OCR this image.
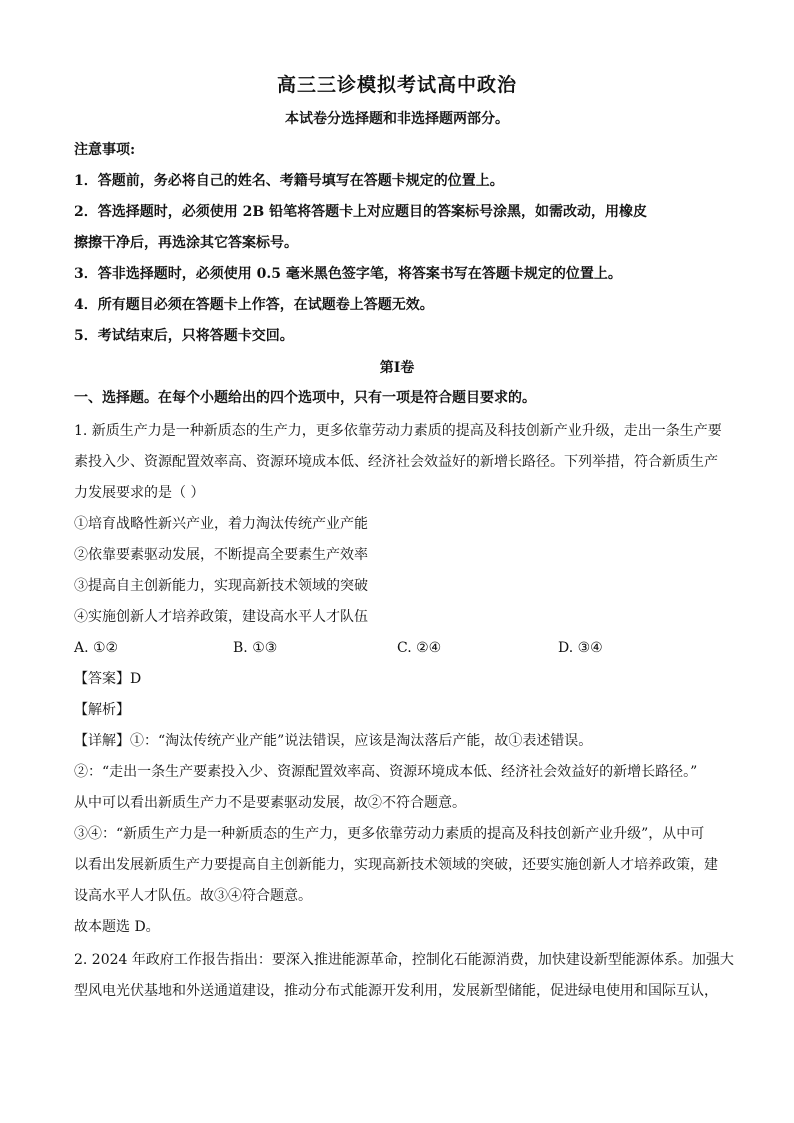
高三三诊模拟考试高中政治
本试卷分选择题和非选择题两部分。
注意事项:
1．答题前，务必将自己的姓名、考籍号填写在答题卡规定的位置上。
2．答选择题时，必须使用 2B 铅笔将答题卡上对应题目的答案标号涂黑，如需改动，用橡皮
擦擦干净后，再选涂其它答案标号。
3．答非选择题时，必须使用 0.5 毫米黑色签字笔，将答案书写在答题卡规定的位置上。
4．所有题目必须在答题卡上作答，在试题卷上答题无效。
5．考试结束后，只将答题卡交回。
第Ⅰ卷
一、选择题。在每个小题给出的四个选项中，只有一项是符合题目要求的。
1. 新质生产力是一种新质态的生产力，更多依靠劳动力素质的提高及科技创新产业升级，走出一条生产要
素投入少、资源配置效率高、资源环境成本低、经济社会效益好的新增长路径。下列举措，符合新质生产
力发展要求的是（ ）
①培育战略性新兴产业，着力淘汰传统产业产能
②依靠要素驱动发展，不断提高全要素生产效率
③提高自主创新能力，实现高新技术领域的突破
④实施创新人才培养政策，建设高水平人才队伍
A. ①②	B. ①③	C. ②④	D. ③④
【答案】D
【解析】
【详解】①：“淘汰传统产业产能”说法错误，应该是淘汰落后产能，故①表述错误。
②：“走出一条生产要素投入少、资源配置效率高、资源环境成本低、经济社会效益好的新增长路径。”
从中可以看出新质生产力不是要素驱动发展，故②不符合题意。
③④：“新质生产力是一种新质态的生产力，更多依靠劳动力素质的提高及科技创新产业升级”，从中可
以看出发展新质生产力要提高自主创新能力，实现高新技术领域的突破，还要实施创新人才培养政策，建
设高水平人才队伍。故③④符合题意。
故本题选 D。
2. 2024 年政府工作报告指出：要深入推进能源革命，控制化石能源消费，加快建设新型能源体系。加强大
型风电光伏基地和外送通道建设，推动分布式能源开发利用，发展新型储能，促进绿电使用和国际互认，
